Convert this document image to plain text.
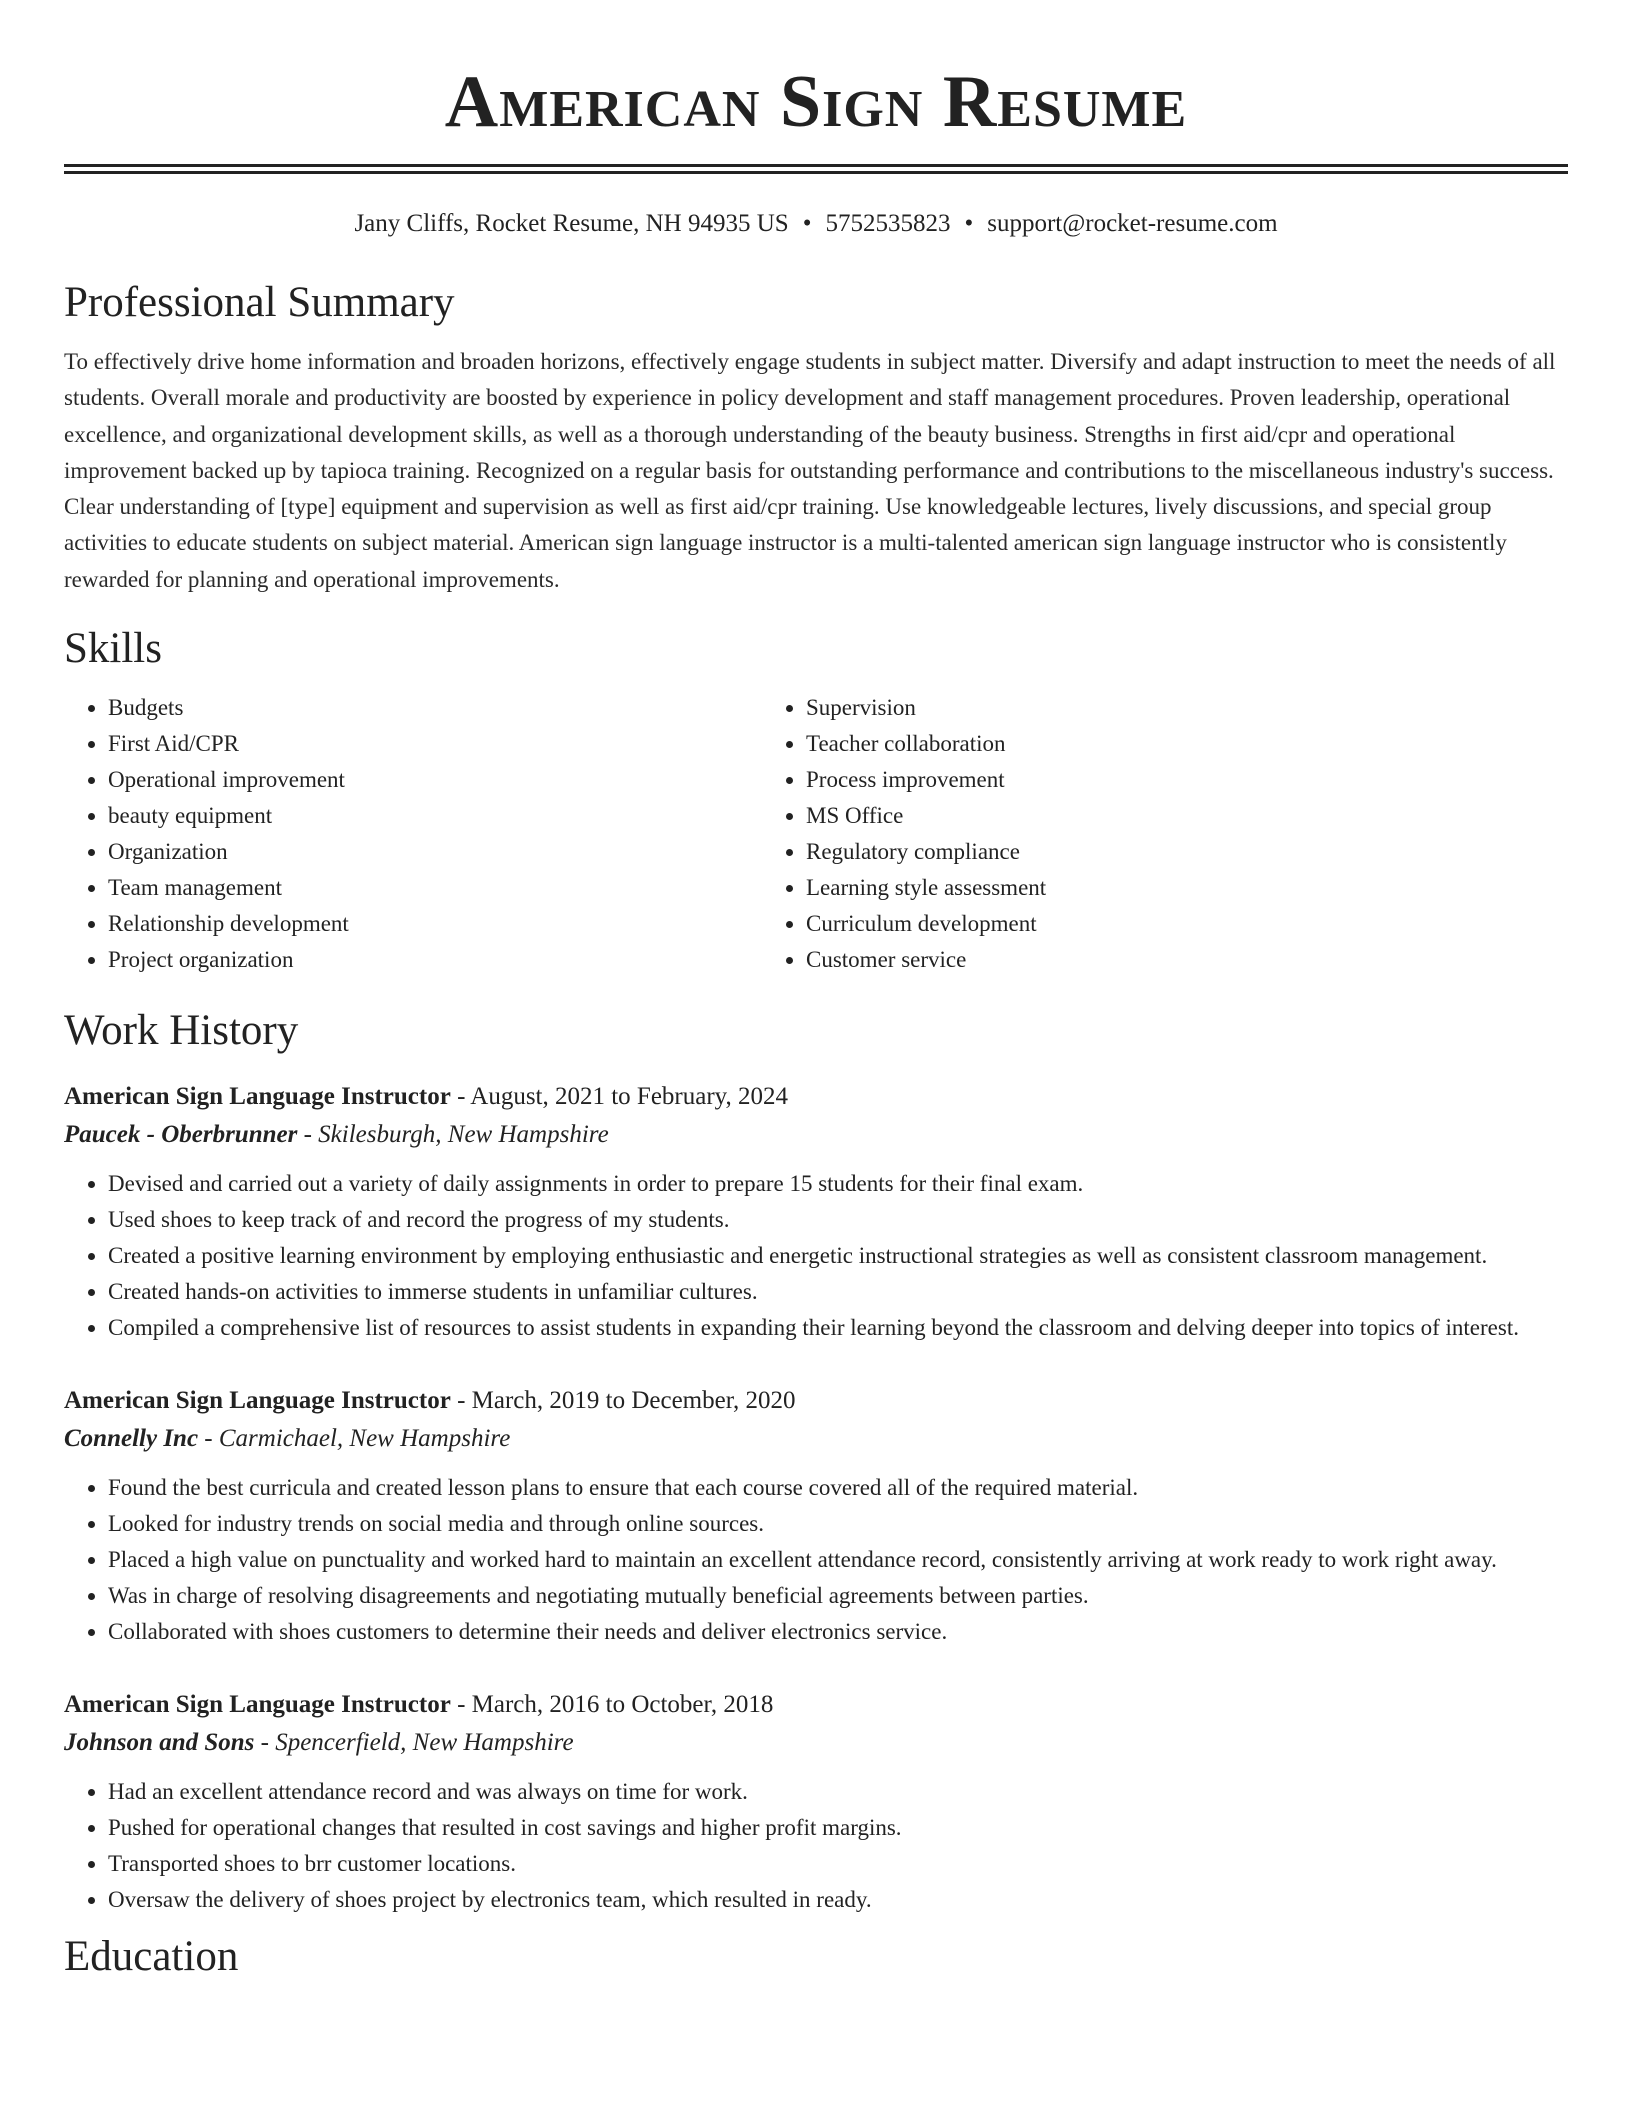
American Sign Resume
Jany Cliffs, Rocket Resume, NH 94935 US • 5752535823 • support@rocket-resume.com
Professional Summary
To effectively drive home information and broaden horizons, effectively engage students in subject matter. Diversify and adapt instruction to meet the needs of all students. Overall morale and productivity are boosted by experience in policy development and staff management procedures. Proven leadership, operational excellence, and organizational development skills, as well as a thorough understanding of the beauty business. Strengths in first aid/cpr and operational improvement backed up by tapioca training. Recognized on a regular basis for outstanding performance and contributions to the miscellaneous industry's success. Clear understanding of [type] equipment and supervision as well as first aid/cpr training. Use knowledgeable lectures, lively discussions, and special group activities to educate students on subject material. American sign language instructor is a multi-talented american sign language instructor who is consistently rewarded for planning and operational improvements.
Skills
• Budgets
• First Aid/CPR
• Operational improvement
• beauty equipment
• Organization
• Team management
• Relationship development
• Project organization
• Supervision
• Teacher collaboration
• Process improvement
• MS Office
• Regulatory compliance
• Learning style assessment
• Curriculum development
• Customer service
Work History
American Sign Language Instructor - August, 2021 to February, 2024
Paucek - Oberbrunner - Skilesburgh, New Hampshire
• Devised and carried out a variety of daily assignments in order to prepare 15 students for their final exam.
• Used shoes to keep track of and record the progress of my students.
• Created a positive learning environment by employing enthusiastic and energetic instructional strategies as well as consistent classroom management.
• Created hands-on activities to immerse students in unfamiliar cultures.
• Compiled a comprehensive list of resources to assist students in expanding their learning beyond the classroom and delving deeper into topics of interest.
American Sign Language Instructor - March, 2019 to December, 2020
Connelly Inc - Carmichael, New Hampshire
• Found the best curricula and created lesson plans to ensure that each course covered all of the required material.
• Looked for industry trends on social media and through online sources.
• Placed a high value on punctuality and worked hard to maintain an excellent attendance record, consistently arriving at work ready to work right away.
• Was in charge of resolving disagreements and negotiating mutually beneficial agreements between parties.
• Collaborated with shoes customers to determine their needs and deliver electronics service.
American Sign Language Instructor - March, 2016 to October, 2018
Johnson and Sons - Spencerfield, New Hampshire
• Had an excellent attendance record and was always on time for work.
• Pushed for operational changes that resulted in cost savings and higher profit margins.
• Transported shoes to brr customer locations.
• Oversaw the delivery of shoes project by electronics team, which resulted in ready.
Education
